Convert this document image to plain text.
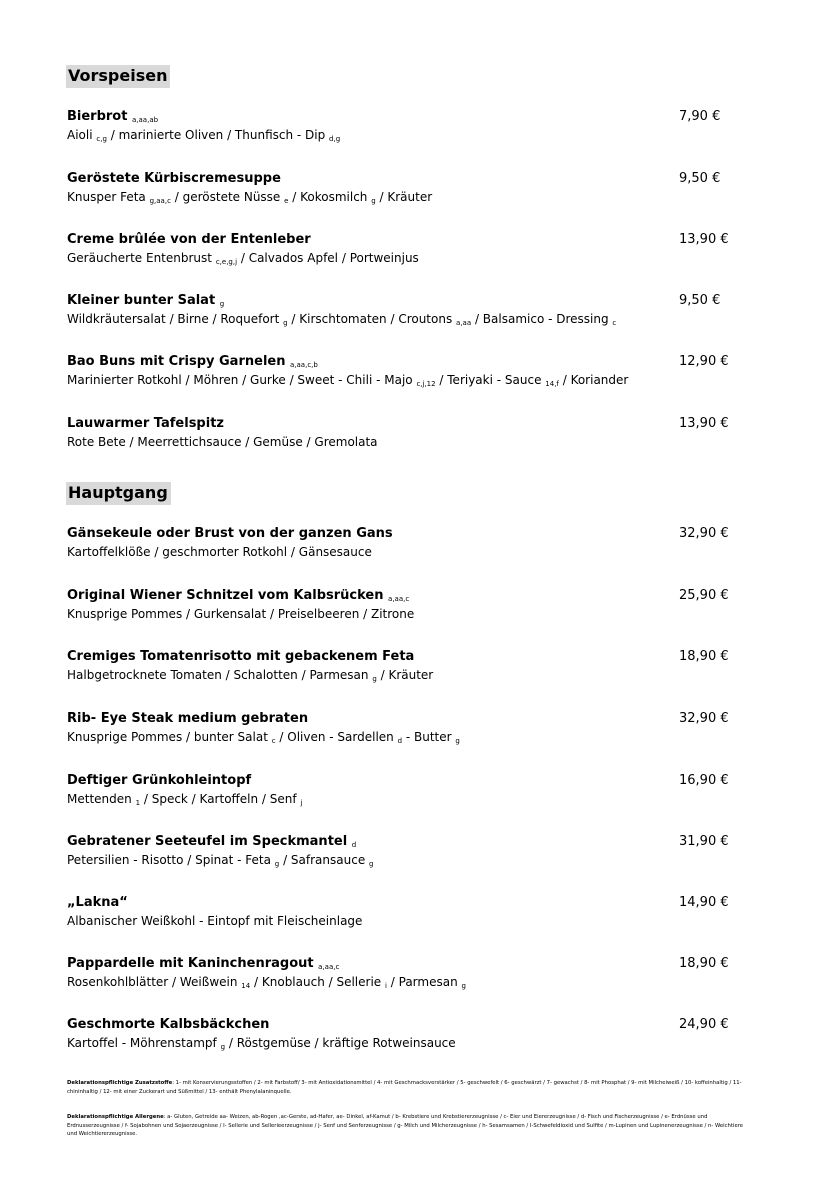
Vorspeisen
Hauptgang
Bierbrot $_{a,aa,ab}$	7,90 €
Aioli $_{c,g}$ / marinierte Oliven / Thunfisch - Dip $_{d,g}$
Geröstete Kürbiscremesuppe	9,50 €
Knusper Feta $_{g,aa,c}$ / geröstete Nüsse $_e$ / Kokosmilch $_g$ / Kräuter
Creme brûlée von der Entenleber	13,90 €
Geräucherte Entenbrust $_{c,e,g,j}$ / Calvados Apfel / Portweinjus
Kleiner bunter Salat $_g$	9,50 €
Wildkräutersalat / Birne / Roquefort $_g$ / Kirschtomaten / Croutons $_{a,aa}$ / Balsamico - Dressing $_c$
Bao Buns mit Crispy Garnelen $_{a,aa,c,b}$	12,90 €
Marinierter Rotkohl / Möhren / Gurke / Sweet - Chili - Majo $_{c,j,12}$ / Teriyaki - Sauce $_{14,f}$ / Koriander
Lauwarmer Tafelspitz	13,90 €
Rote Bete / Meerrettichsauce / Gemüse / Gremolata
Gänsekeule oder Brust von der ganzen Gans	32,90 €
Kartoffelklöße / geschmorter Rotkohl / Gänsesauce
Original Wiener Schnitzel vom Kalbsrücken $_{a,aa,c}$	25,90 €
Knusprige Pommes / Gurkensalat / Preiselbeeren / Zitrone
Cremiges Tomatenrisotto mit gebackenem Feta	18,90 €
Halbgetrocknete Tomaten / Schalotten / Parmesan $_g$ / Kräuter
Rib- Eye Steak medium gebraten	32,90 €
Knusprige Pommes / bunter Salat $_c$ / Oliven - Sardellen $_d$ - Butter $_g$
Deftiger Grünkohleintopf	16,90 €
Mettenden $_1$ / Speck / Kartoffeln / Senf $_j$
Gebratener Seeteufel im Speckmantel $_d$	31,90 €
Petersilien - Risotto / Spinat - Feta $_g$ / Safransauce $_g$
„Lakna“	14,90 €
Albanischer Weißkohl - Eintopf mit Fleischeinlage
Pappardelle mit Kaninchenragout $_{a,aa,c}$	18,90 €
Rosenkohlblätter / Weißwein $_{14}$ / Knoblauch / Sellerie $_i$ / Parmesan $_g$
Geschmorte Kalbsbäckchen	24,90 €
Kartoffel - Möhrenstampf $_g$ / Röstgemüse / kräftige Rotweinsauce
Deklarationspflichtige Zusatzstoffe: 1- mit Konservierungsstoffen / 2- mit Farbstoff/ 3- mit Antioxidationsmittel / 4- mit Geschmacksverstärker / 5- geschwefelt / 6- geschwärzt / 7- gewachst / 8- mit Phosphat / 9- mit Milcheiweiß / 10- koffeinhaltig / 11- chininhaltig / 12- mit einer Zuckerart und Süßmittel / 13- enthält Phenylalaninquelle.
Deklarationspflichtige Allergene: a- Gluten, Getreide aa- Weizen, ab-Rogen ,ac-Gerste, ad-Hafer, ae- Dinkel, af-Kamut / b- Krebstiere und Krebstiererzeugnisse / c- Eier und Eiererzeugnisse / d- Fisch und Fischerzeugnisse / e- Erdnüsse und Erdnusserzeugnisse / f- Sojabohnen und Sojaerzeugnisse / I- Sellerie und Sellerieerzeugnisse / j- Senf und Senferzeugnisse / g- Milch und Milcherzeugnisse / h- Sesamsamen / I-Schwefeldioxid und Sulfite / m-Lupinen und Lupinenerzeugnisse / n- Weichtiere und Weichtiererzeugnisse.
